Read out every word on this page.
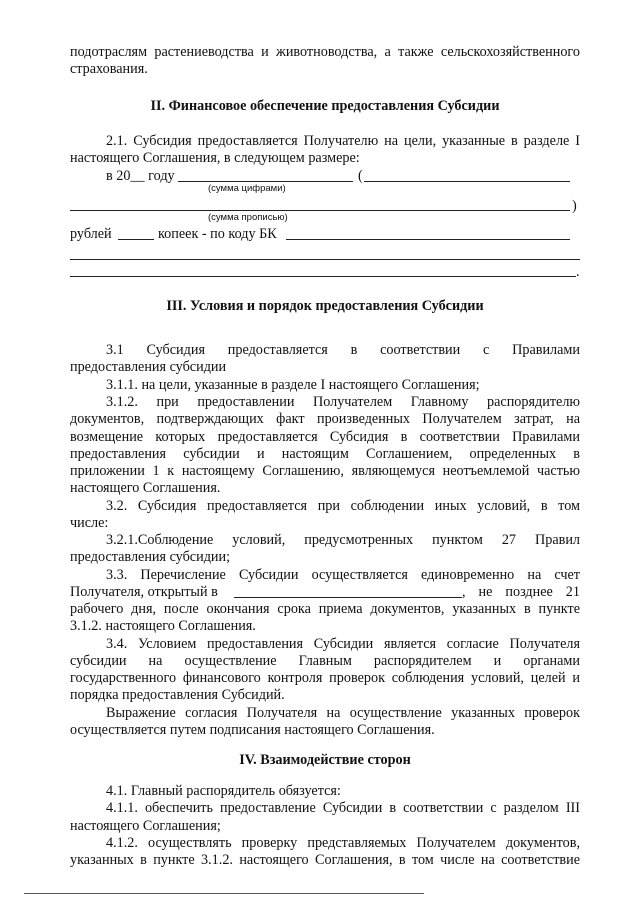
подотраслям растениеводства и животноводства, а также сельскохозяйственного
страхования.
II. Финансовое обеспечение предоставления Субсидии
2.1. Субсидия предоставляется Получателю на цели, указанные в разделе I
настоящего Соглашения, в следующем размере:
в 20__ году	(
(сумма цифрами)
)
(сумма прописью)
рублей	копеек - по коду БК
.
III. Условия и порядок предоставления Субсидии
3.1 Субсидия предоставляется в соответствии с Правилами
предоставления субсидии
3.1.1. на цели, указанные в разделе I настоящего Соглашения;
3.1.2. при предоставлении Получателем Главному распорядителю
документов, подтверждающих факт произведенных Получателем затрат, на
возмещение которых предоставляется Субсидия в соответствии Правилами
предоставления субсидии и настоящим Соглашением, определенных в
приложении 1 к настоящему Соглашению, являющемуся неотъемлемой частью
настоящего Соглашения.
3.2. Субсидия предоставляется при соблюдении иных условий, в том
числе:
3.2.1.Соблюдение условий, предусмотренных пунктом 27 Правил
предоставления субсидии;
3.3. Перечисление Субсидии осуществляется единовременно на счет
Получателя, открытый в	, не позднее 21
рабочего дня, после окончания срока приема документов, указанных в пункте
3.1.2. настоящего Соглашения.
3.4. Условием предоставления Субсидии является согласие Получателя
субсидии на осуществление Главным распорядителем и органами
государственного финансового контроля проверок соблюдения условий, целей и
порядка предоставления Субсидий.
Выражение согласия Получателя на осуществление указанных проверок
осуществляется путем подписания настоящего Соглашения.
IV. Взаимодействие сторон
4.1. Главный распорядитель обязуется:
4.1.1. обеспечить предоставление Субсидии в соответствии с разделом III
настоящего Соглашения;
4.1.2. осуществлять проверку представляемых Получателем документов,
указанных в пункте 3.1.2. настоящего Соглашения, в том числе на соответствие
